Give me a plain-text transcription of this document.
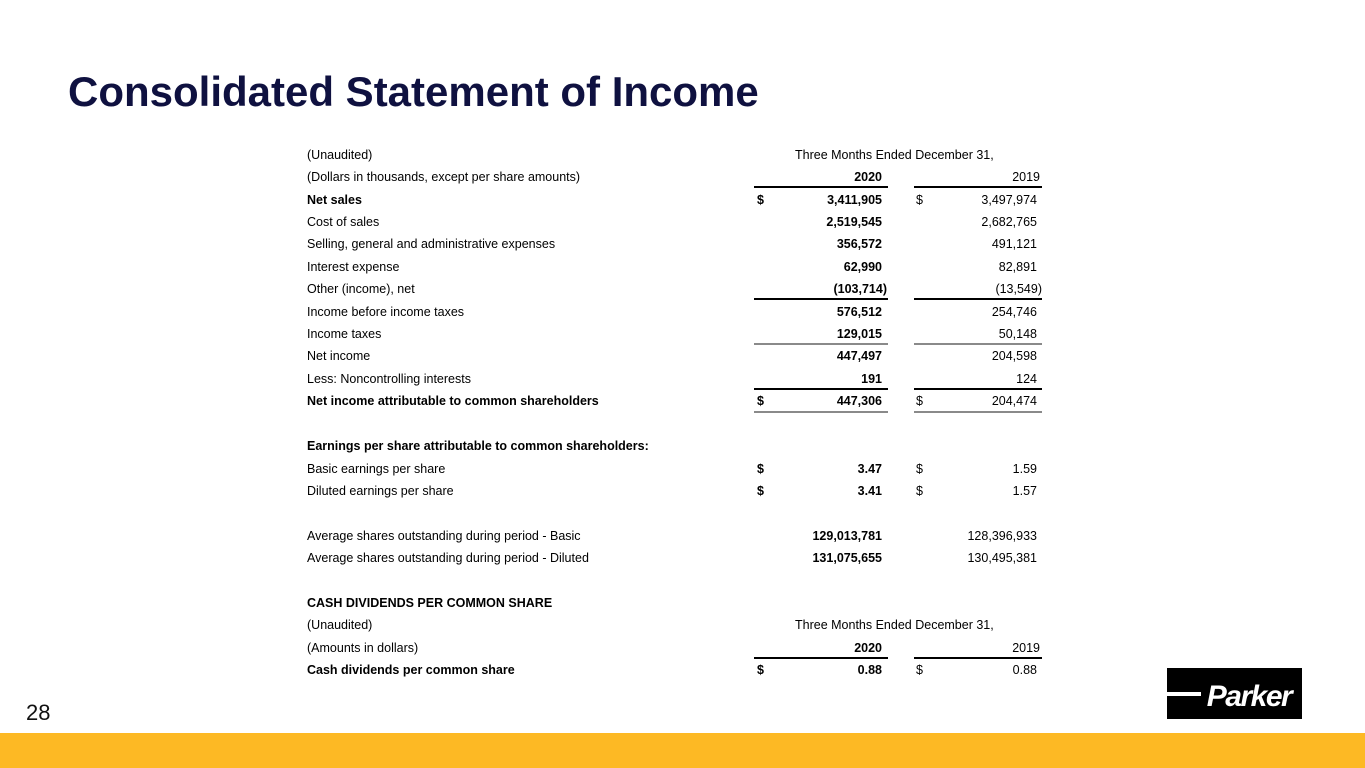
Consolidated Statement of Income
(Unaudited)	Three Months Ended December 31,
(Dollars in thousands, except per share amounts)	2020	2019
Net sales	$	3,411,905	$	3,497,974
Cost of sales	2,519,545	2,682,765
Selling, general and administrative expenses	356,572	491,121
Interest expense	62,990	82,891
Other (income), net	(103,714)	(13,549)
Income before income taxes	576,512	254,746
Income taxes	129,015	50,148
Net income	447,497	204,598
Less: Noncontrolling interests	191	124
Net income attributable to common shareholders	$	447,306	$	204,474
Earnings per share attributable to common shareholders:
Basic earnings per share	$	3.47	$	1.59
Diluted earnings per share	$	3.41	$	1.57
Average shares outstanding during period - Basic	129,013,781	128,396,933
Average shares outstanding during period - Diluted	131,075,655	130,495,381
CASH DIVIDENDS PER COMMON SHARE
(Unaudited)	Three Months Ended December 31,
(Amounts in dollars)	2020	2019
Cash dividends per common share	$	0.88	$	0.88
28	Parker
